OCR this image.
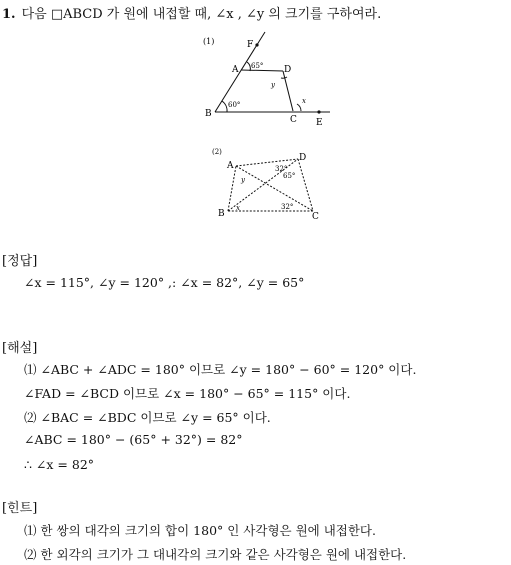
1. 다음 □ABCD 가 원에 내접할 때, ∠x , ∠y 의 크기를 구하여라.
(1)	F
A	D
B
C E
65°
60°
y
x
(2)
A
D
B	C
32°
65°
32°
y
x
[정답]
∠x = 115°, ∠y = 120° ,: ∠x = 82°, ∠y = 65°
[해설]
⑴ ∠ABC + ∠ADC = 180° 이므로 ∠y = 180° − 60° = 120° 이다.
∠FAD = ∠BCD 이므로 ∠x = 180° − 65° = 115° 이다.
⑵ ∠BAC = ∠BDC 이므로 ∠y = 65° 이다.
∠ABC = 180° − (65° + 32°) = 82°
∴ ∠x = 82°
[힌트]
⑴ 한 쌍의 대각의 크기의 합이 180° 인 사각형은 원에 내접한다.
⑵ 한 외각의 크기가 그 대내각의 크기와 같은 사각형은 원에 내접한다.
